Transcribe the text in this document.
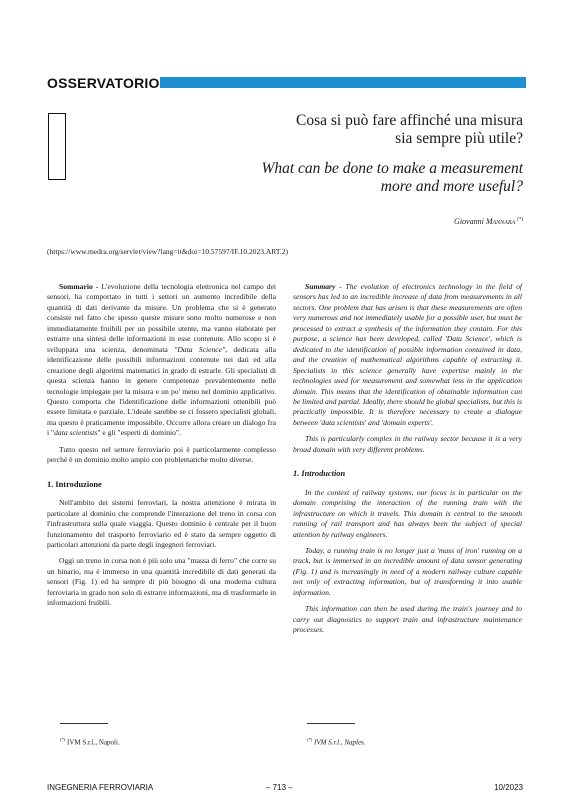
OSSERVATORIO
Cosa si può fare affinché una misura
sia sempre più utile?
What can be done to make a measurement
more and more useful?
Giovanni Mannara (*)
(https://www.medra.org/servlet/view?lang=it&doi=10.57597/IF.10.2023.ART.2)

Sommario - L'evoluzione della tecnologia elettronica nel campo dei sensori, ha comportato in tutti i settori un aumento incredibile della quantità di dati derivante da misure. Un problema che si è generato consiste nel fatto che spesso queste misure sono molto numerose e non immediatamente fruibili per un possibile utente, ma vanno elaborate per estrarre una sintesi delle informazioni in esse contenute. Allo scopo si è sviluppata una scienza, denominata "Data Science", dedicata alla identificazione delle possibili informazioni contenute nei dati ed alla creazione degli algoritmi matematici in grado di estrarle. Gli specialisti di questa scienza hanno in genere competenze prevalentemente nelle tecnologie impiegate per la misura e un po' meno nel dominio applicativo. Questo comporta che l'identificazione delle informazioni ottenibili può essere limitata e parziale. L'ideale sarebbe se ci fossero specialisti globali, ma questo è praticamente impossibile. Occorre allora creare un dialogo fra i "data scientists" e gli "esperti di dominio".

Tutto questo nel settore ferroviario poi è particolarmente complesso perché è un dominio molto ampio con problematiche molto diverse.

1. Introduzione

Nell'ambito dei sistemi ferroviari, la nostra attenzione è mirata in particolare al dominio che comprende l'interazione del treno in corsa con l'infrastruttura sulla quale viaggia. Questo dominio è centrale per il buon funzionamento del trasporto ferroviario ed è stato da sempre oggetto di particolari attenzioni da parte degli ingegneri ferroviari.

Oggi un treno in corsa non è più solo una "massa di ferro" che corre su un binario, ma è immerso in una quantità incredibile di dati generati da sensori (Fig. 1) ed ha sempre di più bisogno di una moderna cultura ferroviaria in grado non solo di estrarre informazioni, ma di trasformarle in informazioni fruibili.

Summary - The evolution of electronics technology in the field of sensors has led to an incredible increase of data from measurements in all sectors. One problem that has arisen is that these measurements are often very numerous and not immediately usable for a possible user, but must be processed to extract a synthesis of the information they contain. For this purpose, a science has been developed, called 'Data Science', which is dedicated to the identification of possible information contained in data, and the creation of mathematical algorithms capable of extracting it. Specialists in this science generally have expertise mainly in the technologies used for measurement and somewhat less in the application domain. This means that the identification of obtainable information can be limited and partial. Ideally, there should be global specialists, but this is practically impossible. It is therefore necessary to create a dialogue between 'data scientists' and 'domain experts'.

This is particularly complex in the railway sector because it is a very broad domain with very different problems.

1. Introduction

In the context of railway systems, our focus is in particular on the domain comprising the interaction of the running train with the infrastructure on which it travels. This domain is central to the smooth running of rail transport and has always been the subject of special attention by railway engineers.

Today, a running train is no longer just a 'mass of iron' running on a track, but is immersed in an incredible amount of data sensor generating (Fig. 1) and is increasingly in need of a modern railway culture capable not only of extracting information, but of transforming it into usable information.

This information can then be used during the train's journey and to carry out diagnostics to support train and infrastructure maintenance processes.

(*) IVM S.r.l., Napoli.	(*) IVM S.r.l., Naples.
INGEGNERIA FERROVIARIA	– 713 –	10/2023
